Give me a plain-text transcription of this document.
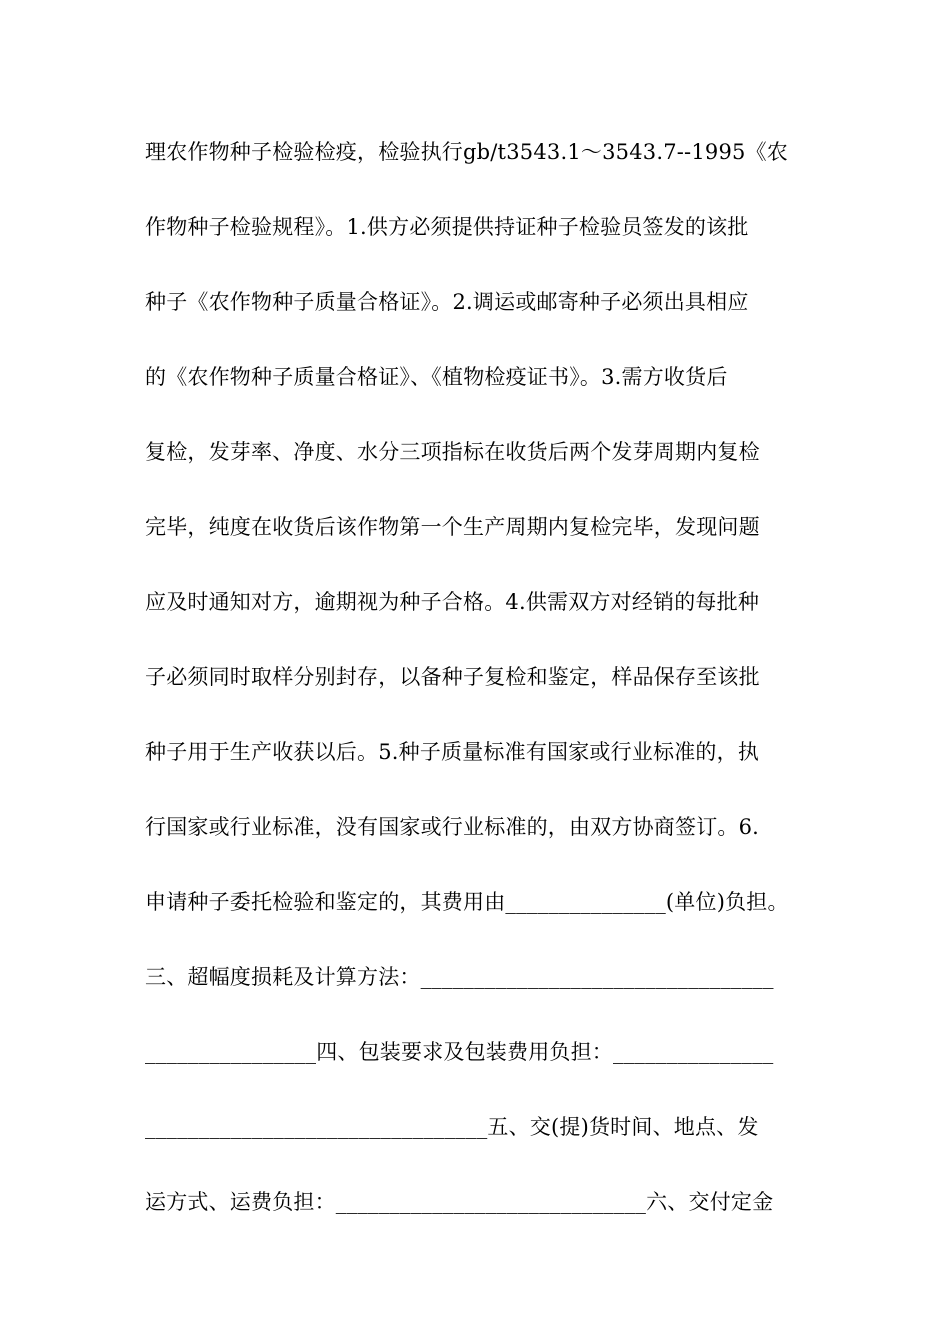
理农作物种子检验检疫，检验执行gb/t3543.1～3543.7--1995《农
作物种子检验规程》。1.供方必须提供持证种子检验员签发的该批
种子《农作物种子质量合格证》。2.调运或邮寄种子必须出具相应
的《农作物种子质量合格证》、《植物检疫证书》。3.需方收货后
复检，发芽率、净度、水分三项指标在收货后两个发芽周期内复检
完毕，纯度在收货后该作物第一个生产周期内复检完毕，发现问题
应及时通知对方，逾期视为种子合格。4.供需双方对经销的每批种
子必须同时取样分别封存，以备种子复检和鉴定，样品保存至该批
种子用于生产收获以后。5.种子质量标准有国家或行业标准的，执
行国家或行业标准，没有国家或行业标准的，由双方协商签订。6.
申请种子委托检验和鉴定的，其费用由_______________(单位)负担。
三、超幅度损耗及计算方法：_________________________________
________________四、包装要求及包装费用负担：_______________
________________________________五、交(提)货时间、地点、发
运方式、运费负担：_____________________________六、交付定金
